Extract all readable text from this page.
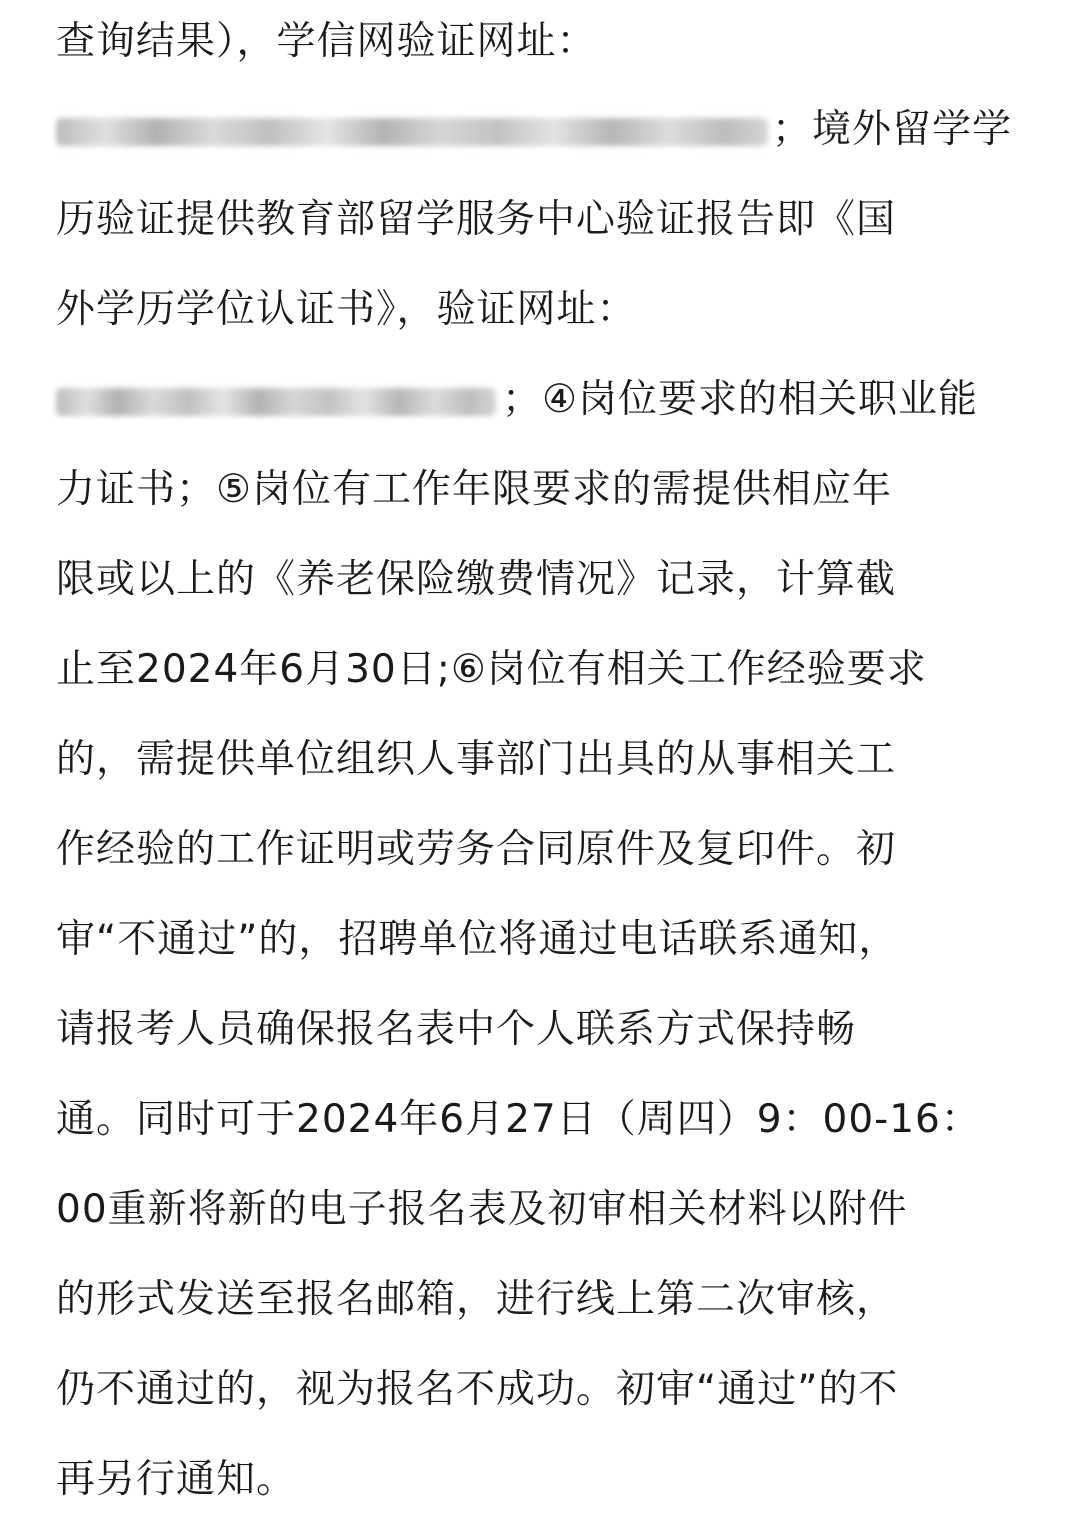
查询结果），学信网验证网址：
；境外留学学
历验证提供教育部留学服务中心验证报告即《国
外学历学位认证书》，验证网址：
；④岗位要求的相关职业能
力证书；⑤岗位有工作年限要求的需提供相应年
限或以上的《养老保险缴费情况》记录，计算截
止至2024年6月30日;⑥岗位有相关工作经验要求
的，需提供单位组织人事部门出具的从事相关工
作经验的工作证明或劳务合同原件及复印件。初
审“不通过”的，招聘单位将通过电话联系通知，
请报考人员确保报名表中个人联系方式保持畅
通。同时可于2024年6月27日（周四）9：00-16：
00重新将新的电子报名表及初审相关材料以附件
的形式发送至报名邮箱，进行线上第二次审核，
仍不通过的，视为报名不成功。初审“通过”的不
再另行通知。
